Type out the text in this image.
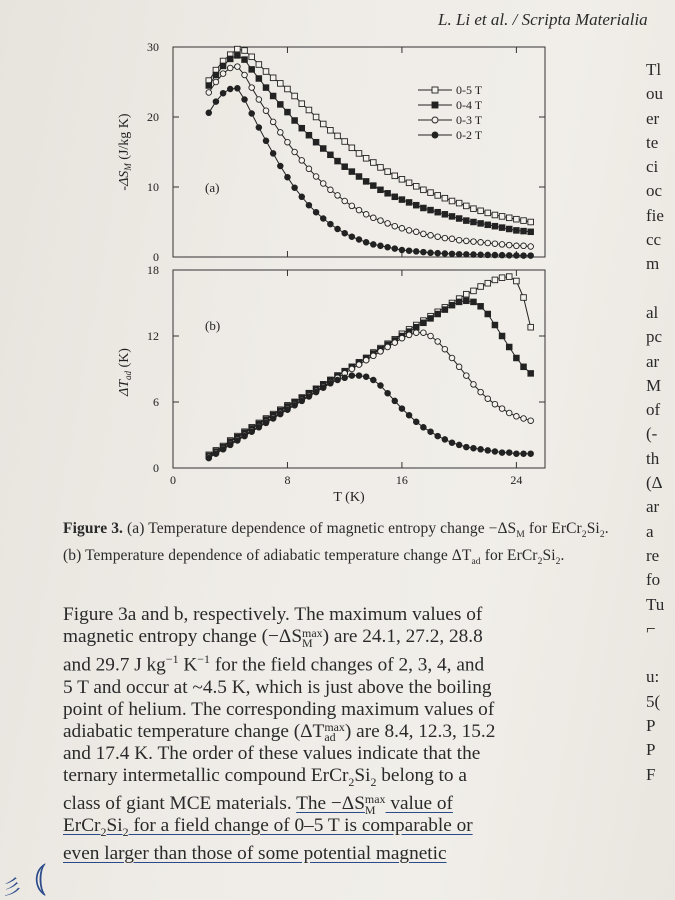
L. Li et al. / Scripta Materialia
Tl
ou
er
te
ci
oc
fie
cc
m

al
pc
ar
M
of
(-
th
(Δ
ar
a
re
fo
Tu
⌐

u:
5(
P
P
F
0
10
20
30
$-\Delta S_M$ (J/kg K)
(a)
0-5 T
0-4 T
0-3 T
0-2 T
0
6
12
18
0	8	16	24
T (K)
$\Delta T_{ad}$ (K)
(b)
Figure 3. (a) Temperature dependence of magnetic entropy change $-\Delta S_M$ for $ErCr_2Si_2$. (b) Temperature dependence of adiabatic temperature change $\Delta T_{ad}$ for $ErCr_2Si_2$.
Figure 3a and b, respectively. The maximum values of
magnetic entropy change (−ΔS max
M ) are 24.1, 27.2, 28.8
and 29.7 J $kg^{-1}$ $K^{-1}$ for the field changes of 2, 3, 4, and
5 T and occur at ~4.5 K, which is just above the boiling
point of helium. The corresponding maximum values of
adiabatic temperature change (ΔT max
ad ) are 8.4, 12.3, 15.2
and 17.4 K. The order of these values indicate that the
ternary intermetallic compound $ErCr_2Si_2$ belong to a
class of giant MCE materials. The −ΔS max
M value of
$ErCr_2Si_2$ for a field change of 0–5 T is comparable or
even larger than those of some potential magnetic
⦅
彡
